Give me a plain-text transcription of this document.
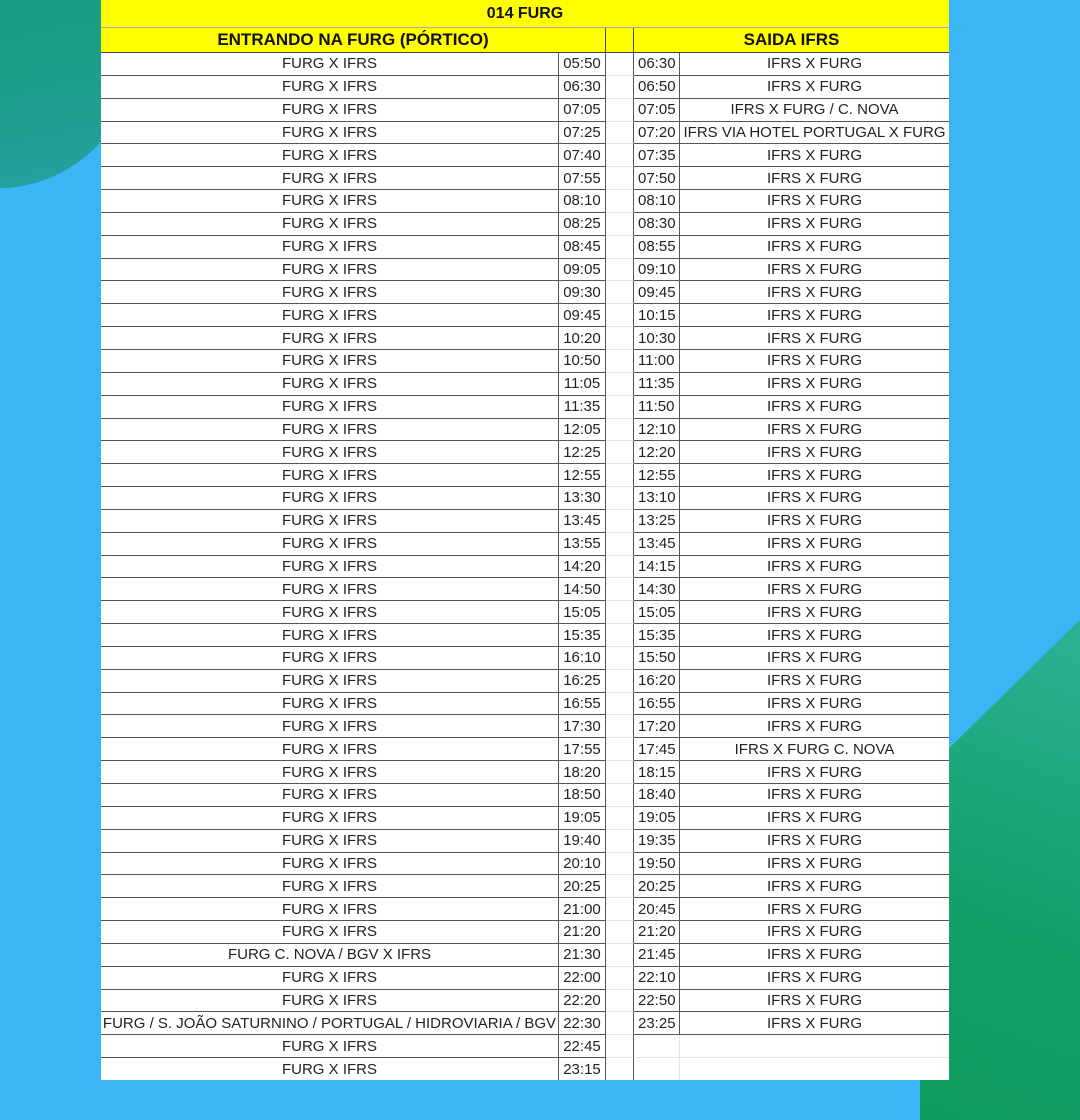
014 FURG
ENTRANDO NA FURG (PÓRTICO)	SAIDA IFRS
FURG X IFRS	05:50	06:30	IFRS X FURG
FURG X IFRS	06:30	06:50	IFRS X FURG
FURG X IFRS	07:05	07:05	IFRS X FURG / C. NOVA
FURG X IFRS	07:25	07:20 IFRS VIA HOTEL PORTUGAL X FURG
FURG X IFRS	07:40	07:35	IFRS X FURG
FURG X IFRS	07:55	07:50	IFRS X FURG
FURG X IFRS	08:10	08:10	IFRS X FURG
FURG X IFRS	08:25	08:30	IFRS X FURG
FURG X IFRS	08:45	08:55	IFRS X FURG
FURG X IFRS	09:05	09:10	IFRS X FURG
FURG X IFRS	09:30	09:45	IFRS X FURG
FURG X IFRS	09:45	10:15	IFRS X FURG
FURG X IFRS	10:20	10:30	IFRS X FURG
FURG X IFRS	10:50	11:00	IFRS X FURG
FURG X IFRS	11:05	11:35	IFRS X FURG
FURG X IFRS	11:35	11:50	IFRS X FURG
FURG X IFRS	12:05	12:10	IFRS X FURG
FURG X IFRS	12:25	12:20	IFRS X FURG
FURG X IFRS	12:55	12:55	IFRS X FURG
FURG X IFRS	13:30	13:10	IFRS X FURG
FURG X IFRS	13:45	13:25	IFRS X FURG
FURG X IFRS	13:55	13:45	IFRS X FURG
FURG X IFRS	14:20	14:15	IFRS X FURG
FURG X IFRS	14:50	14:30	IFRS X FURG
FURG X IFRS	15:05	15:05	IFRS X FURG
FURG X IFRS	15:35	15:35	IFRS X FURG
FURG X IFRS	16:10	15:50	IFRS X FURG
FURG X IFRS	16:25	16:20	IFRS X FURG
FURG X IFRS	16:55	16:55	IFRS X FURG
FURG X IFRS	17:30	17:20	IFRS X FURG
FURG X IFRS	17:55	17:45	IFRS X FURG C. NOVA
FURG X IFRS	18:20	18:15	IFRS X FURG
FURG X IFRS	18:50	18:40	IFRS X FURG
FURG X IFRS	19:05	19:05	IFRS X FURG
FURG X IFRS	19:40	19:35	IFRS X FURG
FURG X IFRS	20:10	19:50	IFRS X FURG
FURG X IFRS	20:25	20:25	IFRS X FURG
FURG X IFRS	21:00	20:45	IFRS X FURG
FURG X IFRS	21:20	21:20	IFRS X FURG
FURG C. NOVA / BGV X IFRS	21:30	21:45	IFRS X FURG
FURG X IFRS	22:00	22:10	IFRS X FURG
FURG X IFRS	22:20	22:50	IFRS X FURG
FURG / S. JOÃO SATURNINO / PORTUGAL / HIDROVIARIA / BGV 22:30	23:25	IFRS X FURG
FURG X IFRS	22:45
FURG X IFRS	23:15
